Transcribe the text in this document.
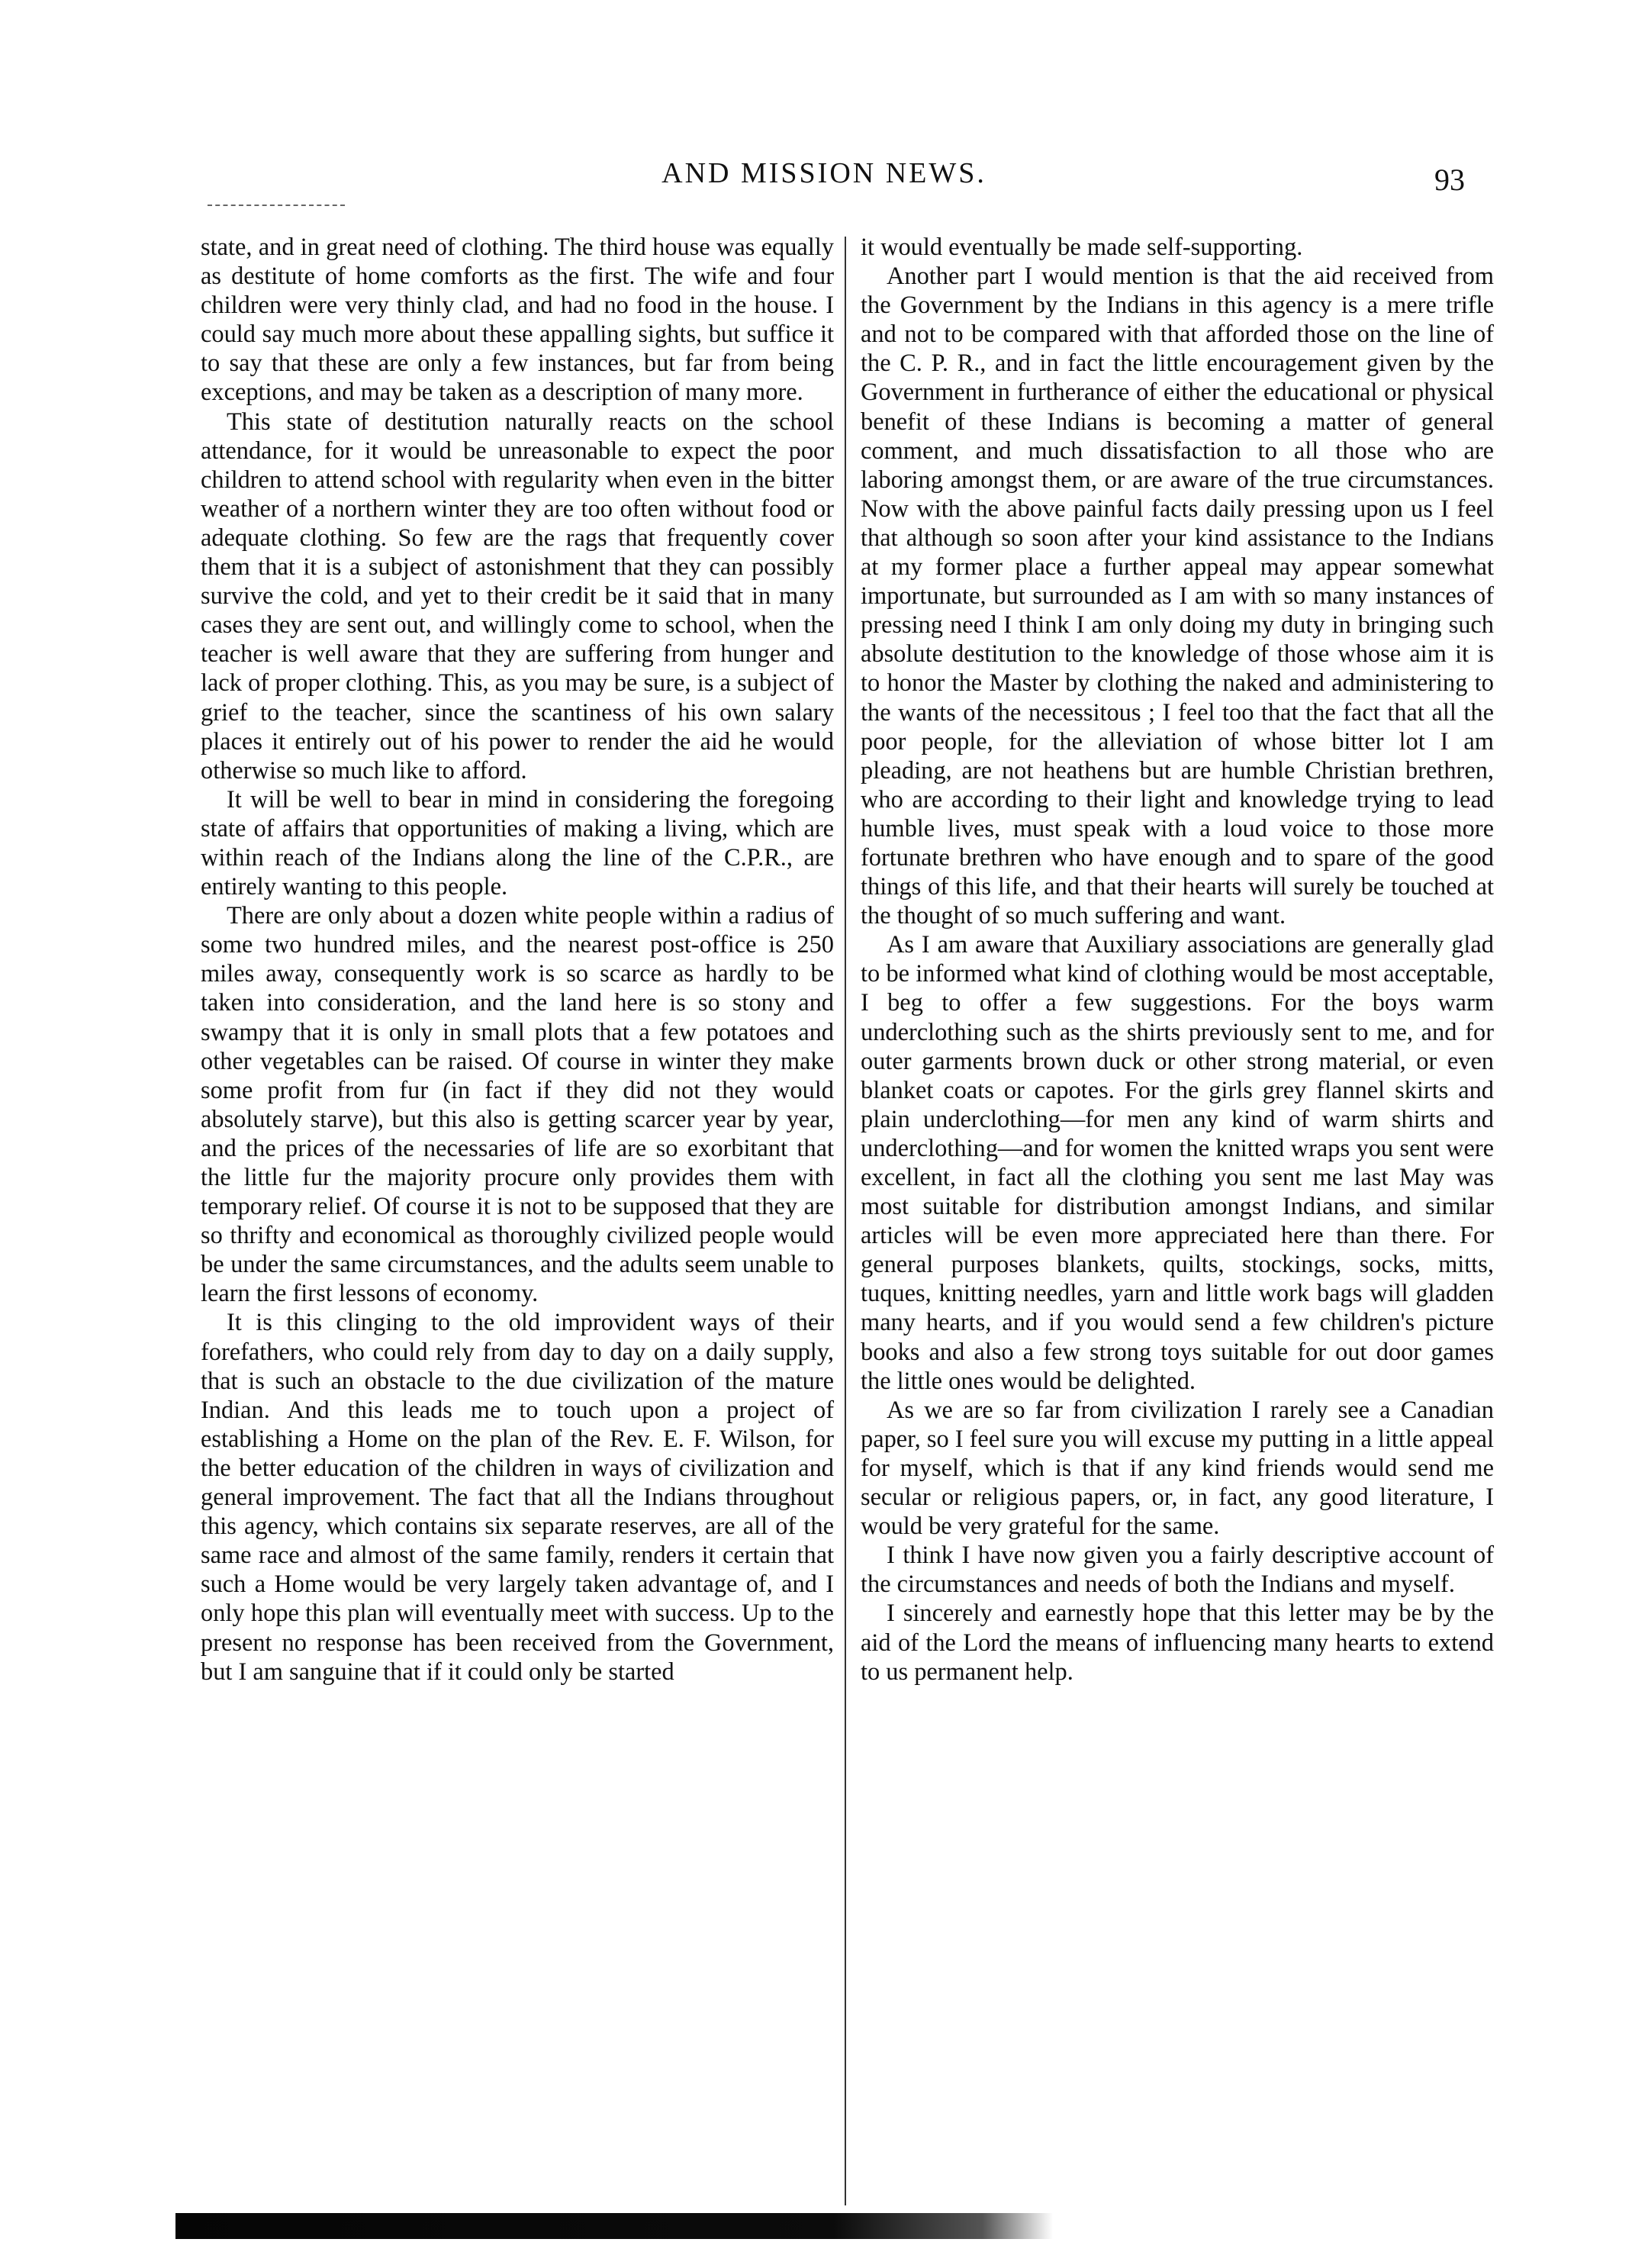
AND MISSION NEWS.	93

state, and in great need of clothing. The third house was equally as destitute of home comforts as the first. The wife and four children were very thinly clad, and had no food in the house. I could say much more about these appalling sights, but suffice it to say that these are only a few instances, but far from being exceptions, and may be taken as a description of many more.

This state of destitution naturally reacts on the school attendance, for it would be unreasonable to expect the poor children to attend school with regularity when even in the bitter weather of a northern winter they are too often without food or adequate clothing. So few are the rags that frequently cover them that it is a subject of astonishment that they can possibly survive the cold, and yet to their credit be it said that in many cases they are sent out, and willingly come to school, when the teacher is well aware that they are suffering from hunger and lack of proper clothing. This, as you may be sure, is a subject of grief to the teacher, since the scantiness of his own salary places it entirely out of his power to render the aid he would otherwise so much like to afford.

It will be well to bear in mind in considering the foregoing state of affairs that opportunities of making a living, which are within reach of the Indians along the line of the C.P.R., are entirely wanting to this people.

There are only about a dozen white people within a radius of some two hundred miles, and the nearest post-office is 250 miles away, consequently work is so scarce as hardly to be taken into consideration, and the land here is so stony and swampy that it is only in small plots that a few potatoes and other vegetables can be raised. Of course in winter they make some profit from fur (in fact if they did not they would absolutely starve), but this also is getting scarcer year by year, and the prices of the necessaries of life are so exorbitant that the little fur the majority procure only provides them with temporary relief. Of course it is not to be supposed that they are so thrifty and economical as thoroughly civilized people would be under the same circumstances, and the adults seem unable to learn the first lessons of economy.

It is this clinging to the old improvident ways of their forefathers, who could rely from day to day on a daily supply, that is such an obstacle to the due civilization of the mature Indian. And this leads me to touch upon a project of establishing a Home on the plan of the Rev. E. F. Wilson, for the better education of the children in ways of civilization and general improvement. The fact that all the Indians throughout this agency, which contains six separate reserves, are all of the same race and almost of the same family, renders it certain that such a Home would be very largely taken advantage of, and I only hope this plan will eventually meet with success. Up to the present no response has been received from the Government, but I am sanguine that if it could only be started

it would eventually be made self-supporting.

Another part I would mention is that the aid received from the Government by the Indians in this agency is a mere trifle and not to be compared with that afforded those on the line of the C. P. R., and in fact the little encouragement given by the Government in furtherance of either the educational or physical benefit of these Indians is becoming a matter of general comment, and much dissatisfaction to all those who are laboring amongst them, or are aware of the true circumstances. Now with the above painful facts daily pressing upon us I feel that although so soon after your kind assistance to the Indians at my former place a further appeal may appear somewhat importunate, but surrounded as I am with so many instances of pressing need I think I am only doing my duty in bringing such absolute destitution to the knowledge of those whose aim it is to honor the Master by clothing the naked and administering to the wants of the necessitous ; I feel too that the fact that all the poor people, for the alleviation of whose bitter lot I am pleading, are not heathens but are humble Christian brethren, who are according to their light and knowledge trying to lead humble lives, must speak with a loud voice to those more fortunate brethren who have enough and to spare of the good things of this life, and that their hearts will surely be touched at the thought of so much suffering and want.

As I am aware that Auxiliary associations are generally glad to be informed what kind of clothing would be most acceptable, I beg to offer a few suggestions. For the boys warm underclothing such as the shirts previously sent to me, and for outer garments brown duck or other strong material, or even blanket coats or capotes. For the girls grey flannel skirts and plain underclothing—for men any kind of warm shirts and underclothing—and for women the knitted wraps you sent were excellent, in fact all the clothing you sent me last May was most suitable for distribution amongst Indians, and similar articles will be even more appreciated here than there. For general purposes blankets, quilts, stockings, socks, mitts, tuques, knitting needles, yarn and little work bags will gladden many hearts, and if you would send a few children's picture books and also a few strong toys suitable for out door games the little ones would be delighted.

As we are so far from civilization I rarely see a Canadian paper, so I feel sure you will excuse my putting in a little appeal for myself, which is that if any kind friends would send me secular or religious papers, or, in fact, any good literature, I would be very grateful for the same.

I think I have now given you a fairly descriptive account of the circumstances and needs of both the Indians and myself.

I sincerely and earnestly hope that this letter may be by the aid of the Lord the means of influencing many hearts to extend to us permanent help.
